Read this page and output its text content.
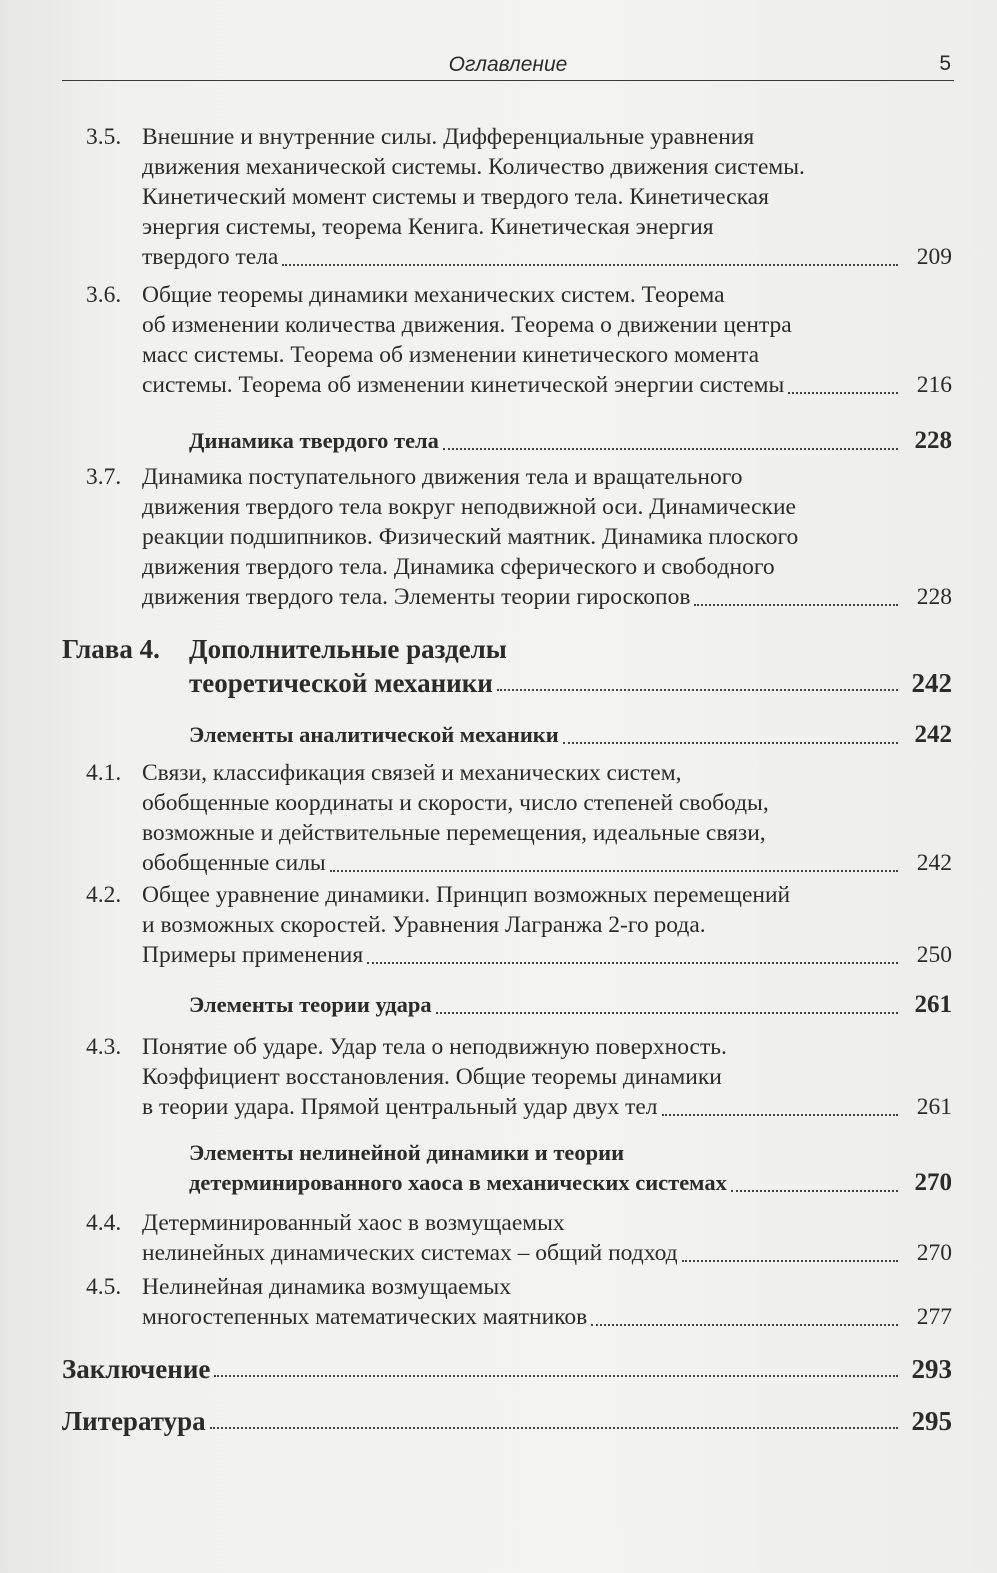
Оглавление	5
3.5. Внешние и внутренние силы. Дифференциальные уравнения
движения механической системы. Количество движения системы.
Кинетический момент системы и твердого тела. Кинетическая
энергия системы, теорема Кенига. Кинетическая энергия
твердого тела	209
3.6. Общие теоремы динамики механических систем. Теорема
об изменении количества движения. Теорема о движении центра
масс системы. Теорема об изменении кинетического момента
системы. Теорема об изменении кинетической энергии системы	216
Динамика твердого тела	228
3.7. Динамика поступательного движения тела и вращательного
движения твердого тела вокруг неподвижной оси. Динамические
реакции подшипников. Физический маятник. Динамика плоского
движения твердого тела. Динамика сферического и свободного
движения твердого тела. Элементы теории гироскопов	228
Глава 4. Дополнительные разделы
теоретической механики	242
Элементы аналитической механики	242
4.1. Связи, классификация связей и механических систем,
обобщенные координаты и скорости, число степеней свободы,
возможные и действительные перемещения, идеальные связи,
обобщенные силы	242
4.2. Общее уравнение динамики. Принцип возможных перемещений
и возможных скоростей. Уравнения Лагранжа 2-го рода.
Примеры применения	250
Элементы теории удара	261
4.3. Понятие об ударе. Удар тела о неподвижную поверхность.
Коэффициент восстановления. Общие теоремы динамики
в теории удара. Прямой центральный удар двух тел	261
Элементы нелинейной динамики и теории
детерминированного хаоса в механических системах	270
4.4. Детерминированный хаос в возмущаемых
нелинейных динамических системах – общий подход	270
4.5. Нелинейная динамика возмущаемых
многостепенных математических маятников	277
Заключение	293
Литература	295
